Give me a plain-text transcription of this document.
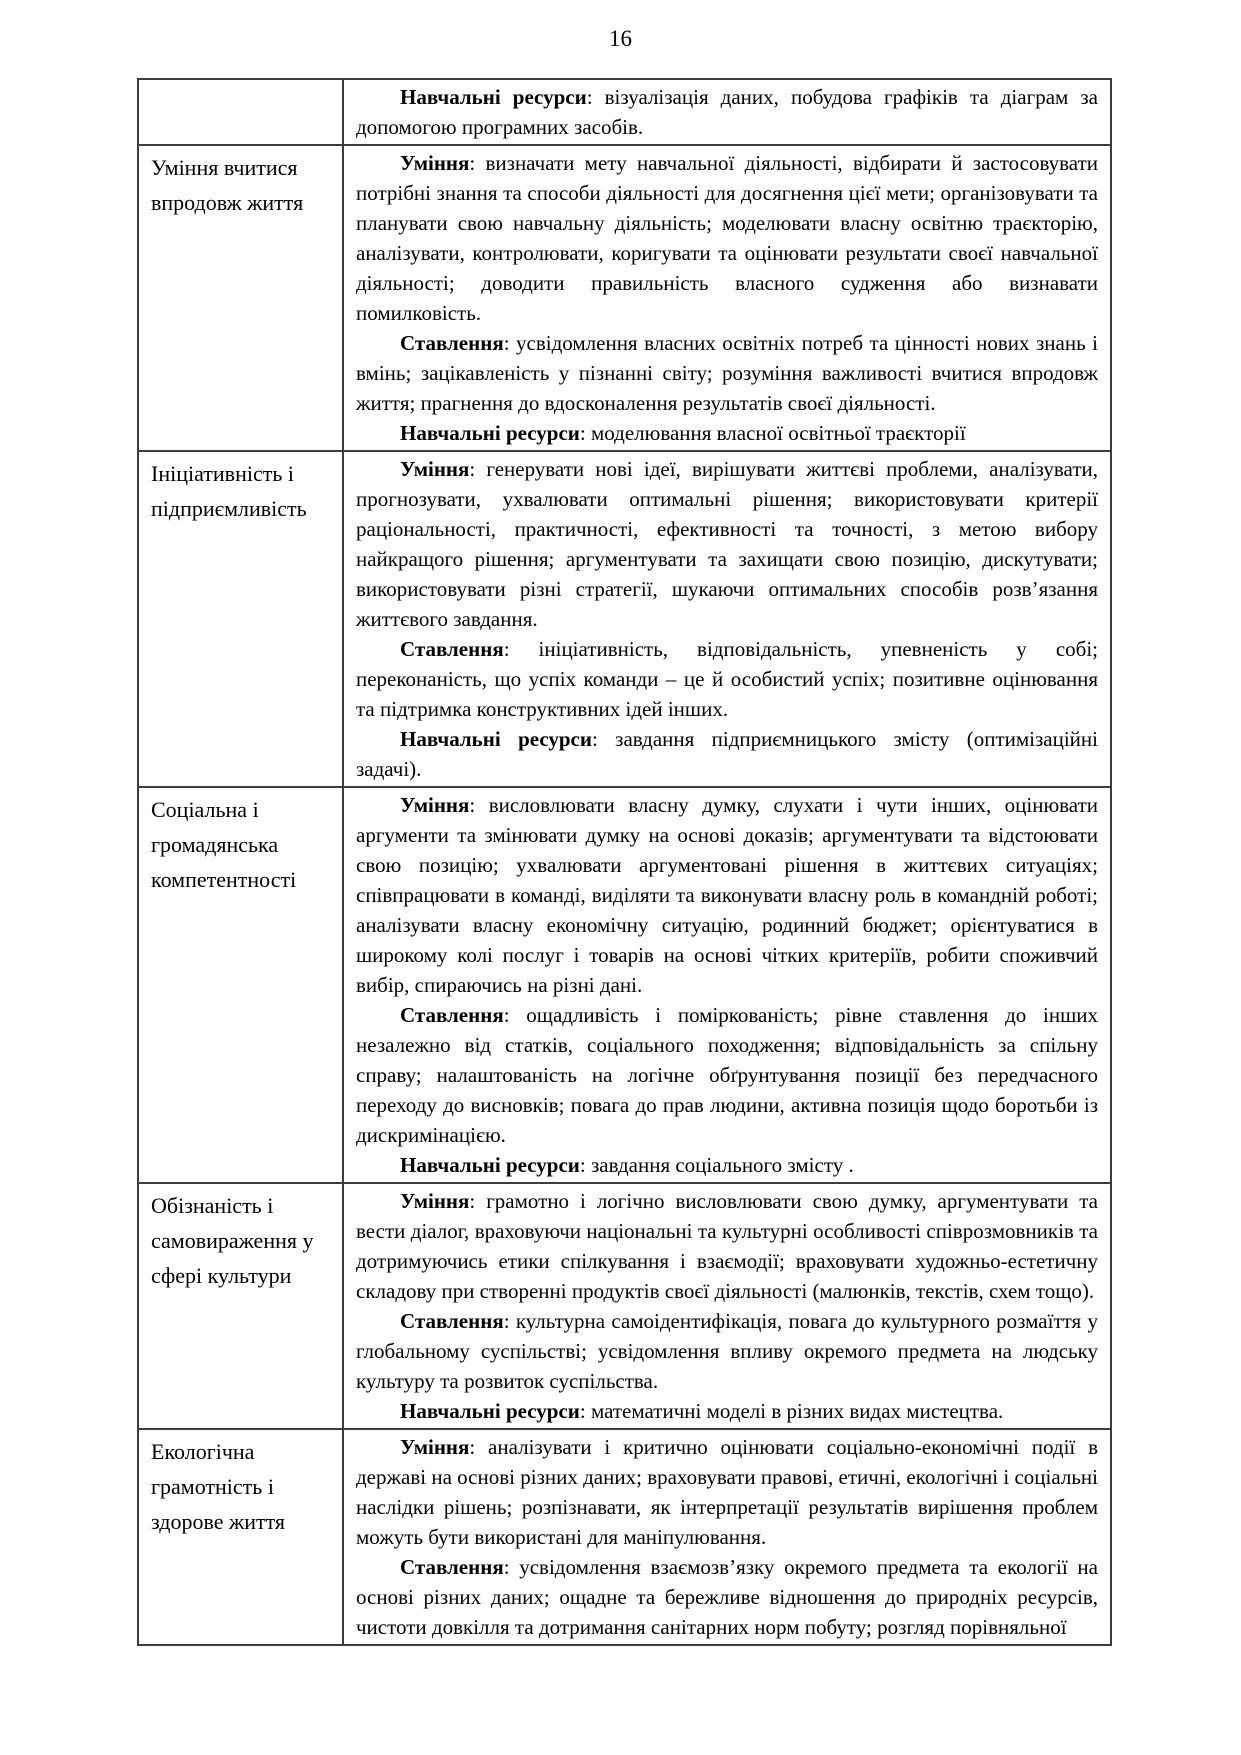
16

	Навчальні ресурси: візуалізація даних, побудова графіків та діаграм за допомогою програмних засобів.

Уміння вчитися впродовж життя	Уміння: визначати мету навчальної діяльності, відбирати й застосовувати потрібні знання та способи діяльності для досягнення цієї мети; організовувати та планувати свою навчальну діяльність; моделювати власну освітню траєкторію, аналізувати, контролювати, коригувати та оцінювати результати своєї навчальної діяльності; доводити правильність власного судження або визнавати помилковість.

Ставлення: усвідомлення власних освітніх потреб та цінності нових знань і вмінь; зацікавленість у пізнанні світу; розуміння важливості вчитися впродовж життя; прагнення до вдосконалення результатів своєї діяльності.

Навчальні ресурси: моделювання власної освітньої траєкторії

Ініціативність і підприємливість	Уміння: генерувати нові ідеї, вирішувати життєві проблеми, аналізувати, прогнозувати, ухвалювати оптимальні рішення; використовувати критерії раціональності, практичності, ефективності та точності, з метою вибору найкращого рішення; аргументувати та захищати свою позицію, дискутувати; використовувати різні стратегії, шукаючи оптимальних способів розв’язання життєвого завдання.

Ставлення: ініціативність, відповідальність, упевненість у собі; переконаність, що успіх команди – це й особистий успіх; позитивне оцінювання та підтримка конструктивних ідей інших.

Навчальні ресурси: завдання підприємницького змісту (оптимізаційні задачі).

Соціальна і громадянська компетентності	Уміння: висловлювати власну думку, слухати і чути інших, оцінювати аргументи та змінювати думку на основі доказів; аргументувати та відстоювати свою позицію; ухвалювати аргументовані рішення в життєвих ситуаціях; співпрацювати в команді, виділяти та виконувати власну роль в командній роботі; аналізувати власну економічну ситуацію, родинний бюджет; орієнтуватися в широкому колі послуг і товарів на основі чітких критеріїв, робити споживчий вибір, спираючись на різні дані.

Ставлення: ощадливість і поміркованість; рівне ставлення до інших незалежно від статків, соціального походження; відповідальність за спільну справу; налаштованість на логічне обґрунтування позиції без передчасного переходу до висновків; повага до прав людини, активна позиція щодо боротьби із дискримінацією.

Навчальні ресурси: завдання соціального змісту .

Обізнаність і самовираження у сфері культури	Уміння: грамотно і логічно висловлювати свою думку, аргументувати та вести діалог, враховуючи національні та культурні особливості співрозмовників та дотримуючись етики спілкування і взаємодії; враховувати художньо-естетичну складову при створенні продуктів своєї діяльності (малюнків, текстів, схем тощо).

Ставлення: культурна самоідентифікація, повага до культурного розмаїття у глобальному суспільстві; усвідомлення впливу окремого предмета на людську культуру та розвиток суспільства.

Навчальні ресурси: математичні моделі в різних видах мистецтва.

Екологічна грамотність і здорове життя	Уміння: аналізувати і критично оцінювати соціально-економічні події в державі на основі різних даних; враховувати правові, етичні, екологічні і соціальні наслідки рішень; розпізнавати, як інтерпретації результатів вирішення проблем можуть бути використані для маніпулювання.

Ставлення: усвідомлення взаємозв’язку окремого предмета та екології на основі різних даних; ощадне та бережливе відношення до природніх ресурсів, чистоти довкілля та дотримання санітарних норм побуту; розгляд порівняльної
